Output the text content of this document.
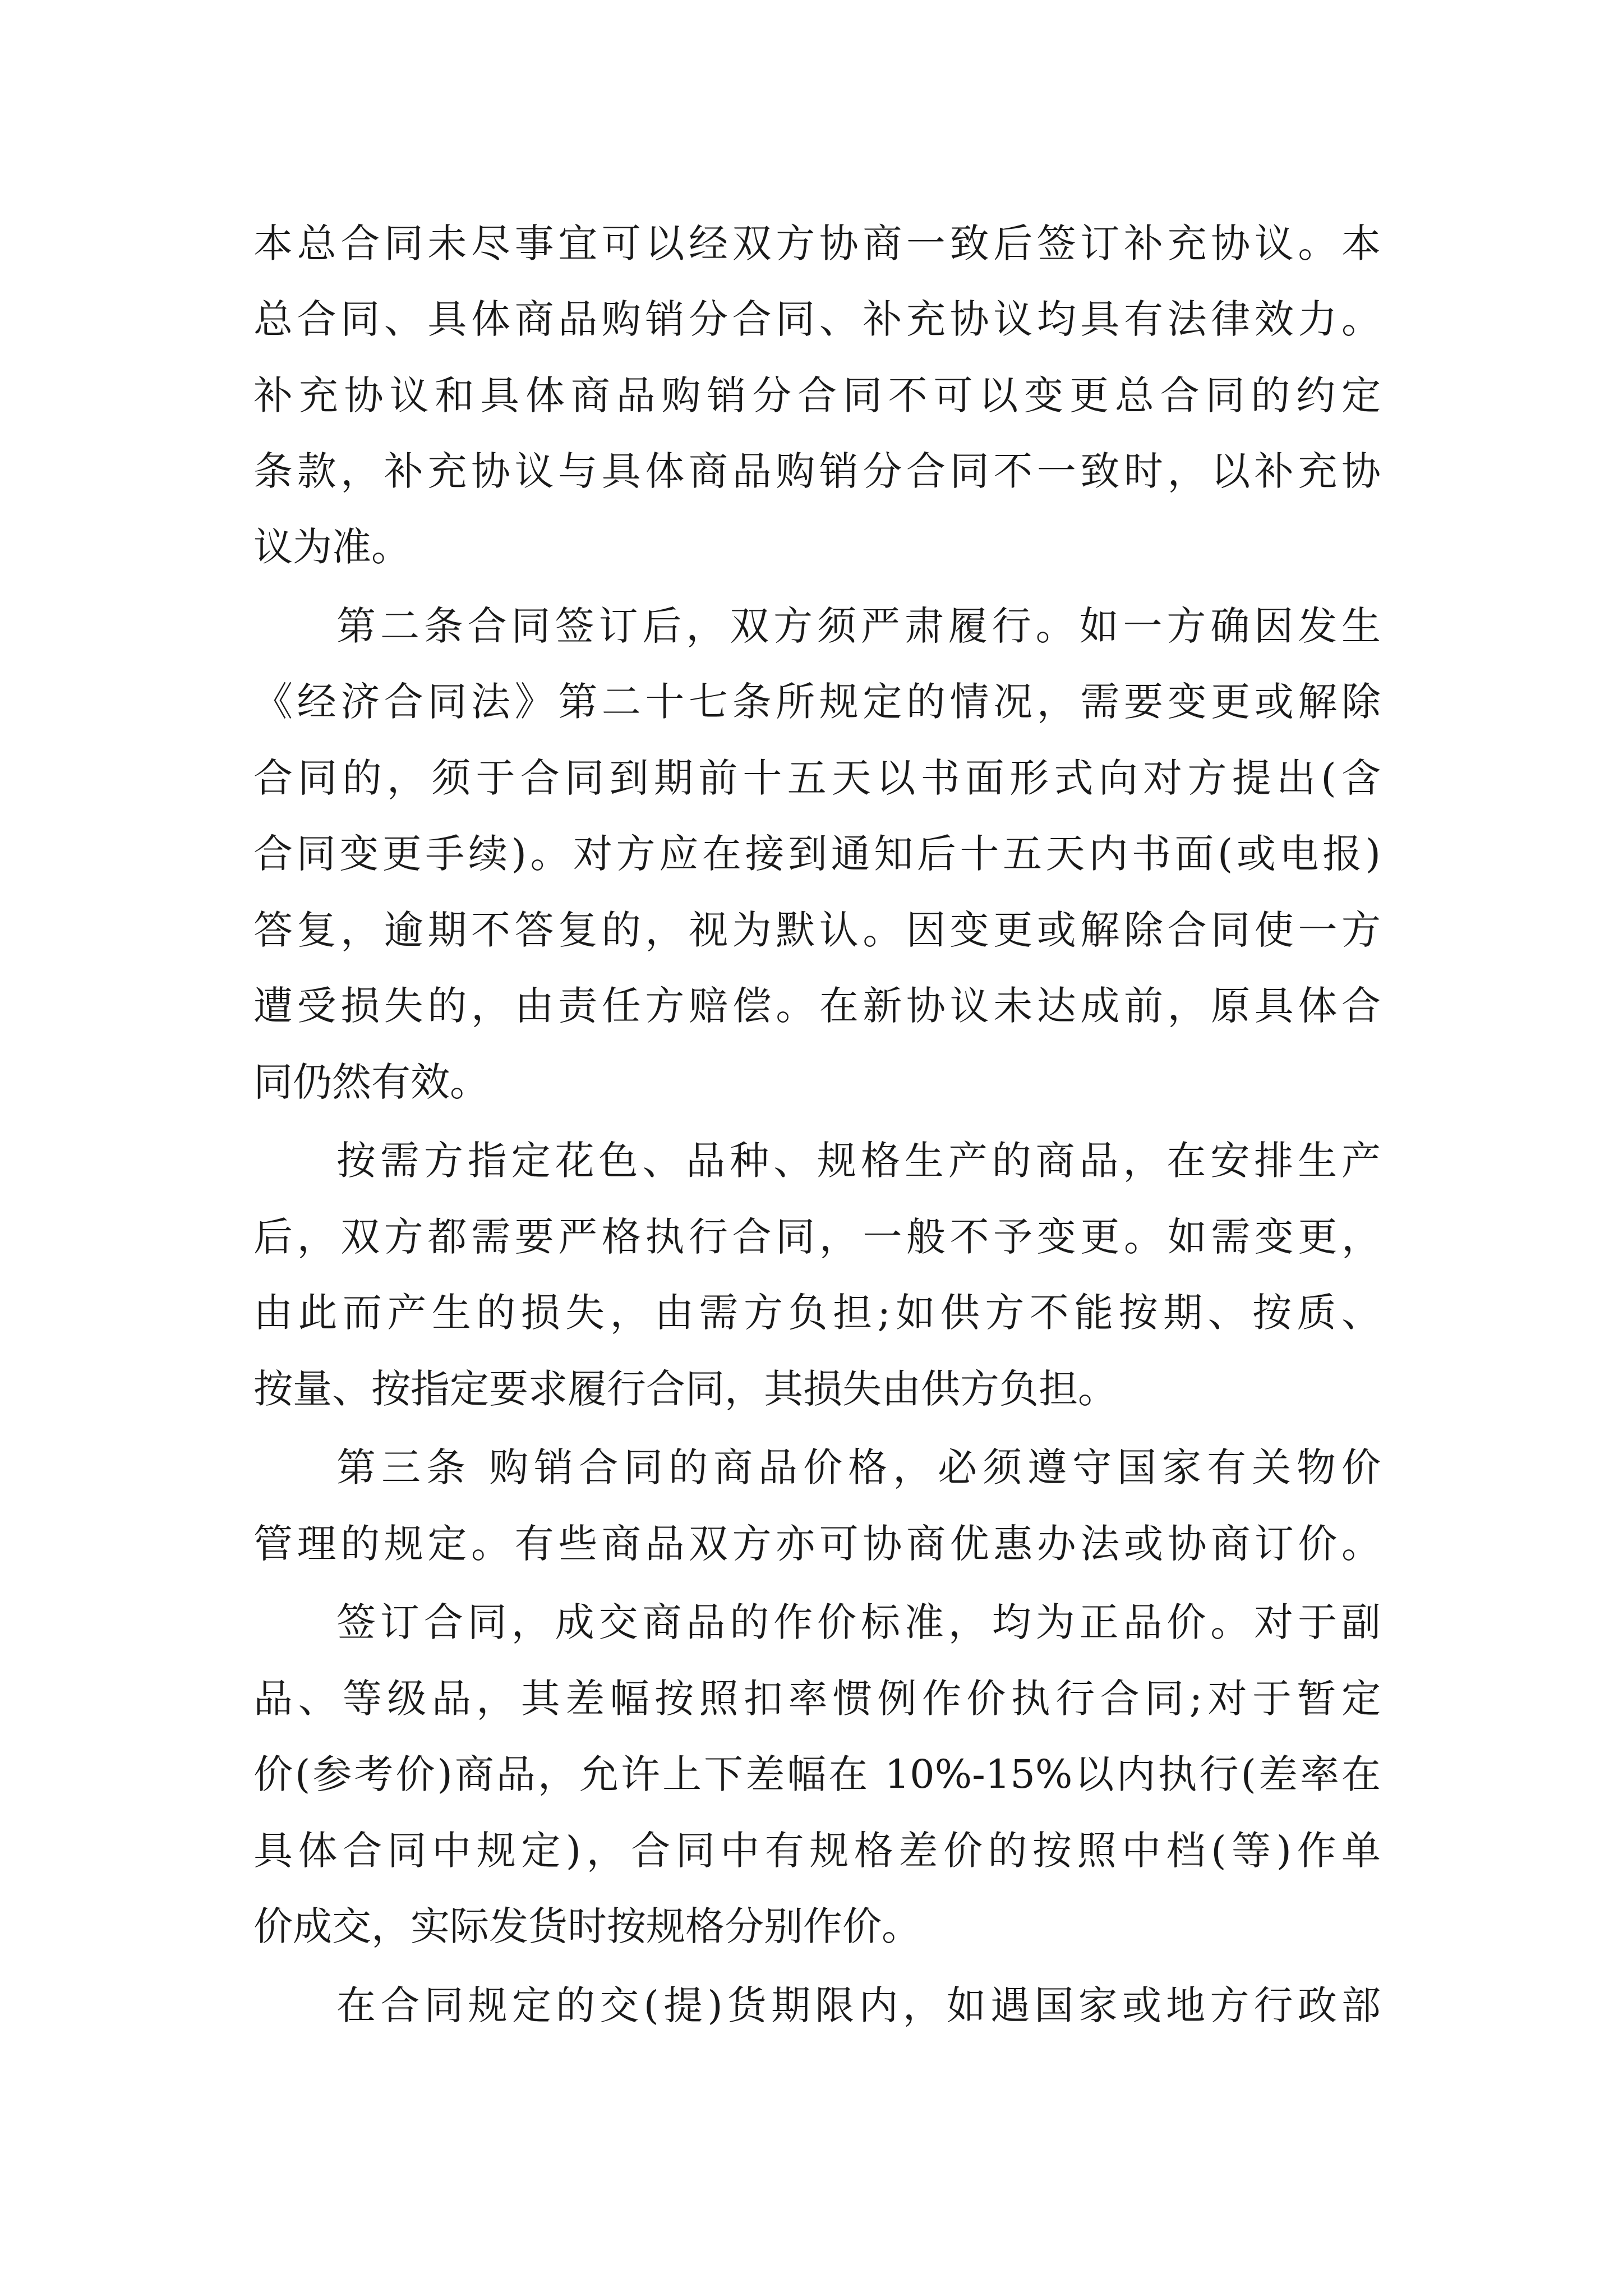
本总合同未尽事宜可以经双方协商一致后签订补充协议。本
总合同、具体商品购销分合同、补充协议均具有法律效力。
补充协议和具体商品购销分合同不可以变更总合同的约定
条款，补充协议与具体商品购销分合同不一致时，以补充协
议为准。
第二条合同签订后，双方须严肃履行。如一方确因发生
《经济合同法》第二十七条所规定的情况，需要变更或解除
合同的，须于合同到期前十五天以书面形式向对方提出(含
合同变更手续)。对方应在接到通知后十五天内书面(或电报)
答复，逾期不答复的，视为默认。因变更或解除合同使一方
遭受损失的，由责任方赔偿。在新协议未达成前，原具体合
同仍然有效。
按需方指定花色、品种、规格生产的商品，在安排生产
后，双方都需要严格执行合同，一般不予变更。如需变更，
由此而产生的损失，由需方负担;如供方不能按期、按质、
按量、按指定要求履行合同，其损失由供方负担。
第三条 购销合同的商品价格，必须遵守国家有关物价
管理的规定。有些商品双方亦可协商优惠办法或协商订价。
签订合同，成交商品的作价标准，均为正品价。对于副
品、等级品，其差幅按照扣率惯例作价执行合同;对于暂定
价(参考价)商品，允许上下差幅在 10%-15%以内执行(差率在
具体合同中规定)，合同中有规格差价的按照中档(等)作单
价成交，实际发货时按规格分别作价。
在合同规定的交(提)货期限内，如遇国家或地方行政部
